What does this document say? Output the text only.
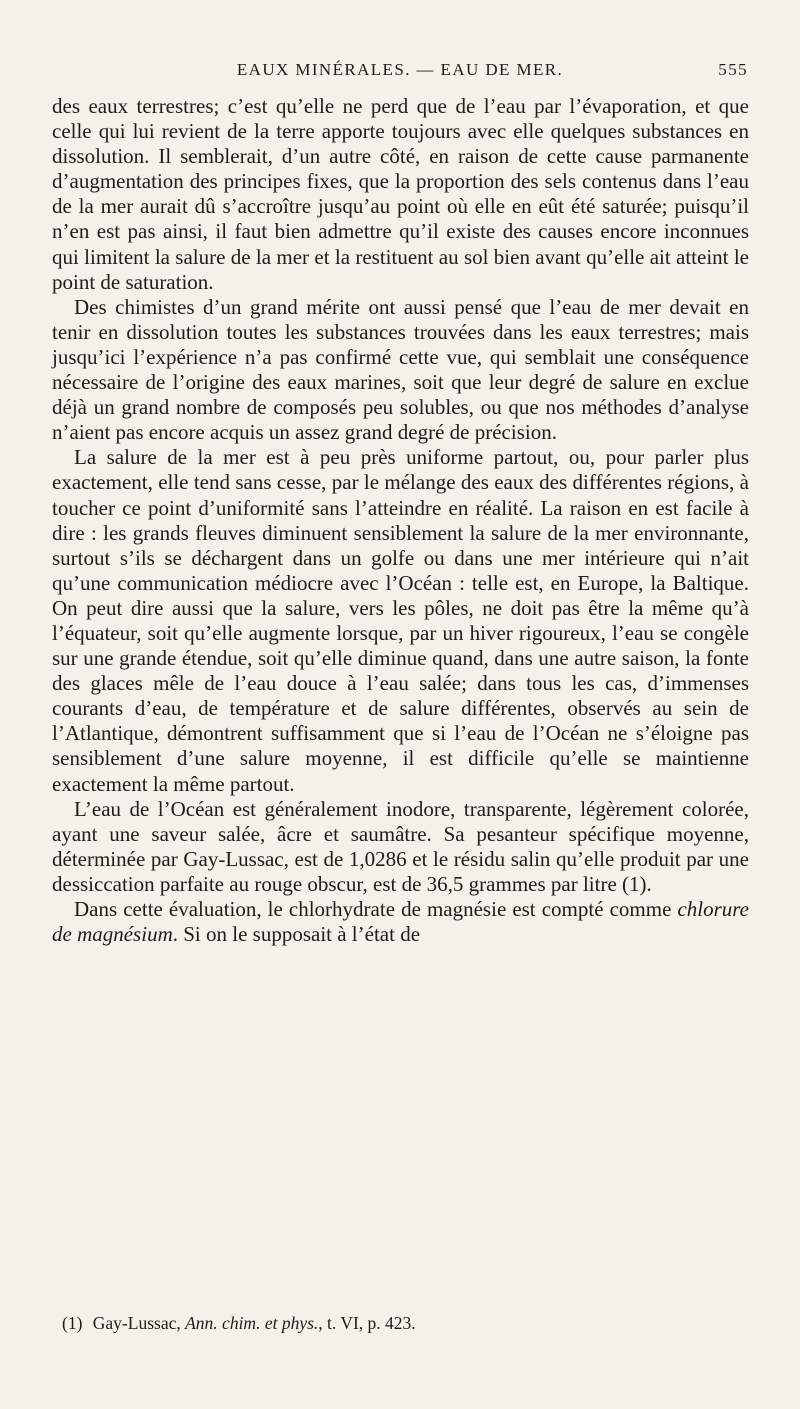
EAUX MINÉRALES. — EAU DE MER.	555

des eaux terrestres; c’est qu’elle ne perd que de l’eau par l’évaporation, et que celle qui lui revient de la terre apporte toujours avec elle quelques substances en dissolution. Il semblerait, d’un autre côté, en raison de cette cause parmanente d’augmentation des principes fixes, que la proportion des sels contenus dans l’eau de la mer aurait dû s’accroître jusqu’au point où elle en eût été saturée; puisqu’il n’en est pas ainsi, il faut bien admettre qu’il existe des causes encore inconnues qui limitent la salure de la mer et la restituent au sol bien avant qu’elle ait atteint le point de saturation.

Des chimistes d’un grand mérite ont aussi pensé que l’eau de mer devait en tenir en dissolution toutes les substances trouvées dans les eaux terrestres; mais jusqu’ici l’expérience n’a pas confirmé cette vue, qui semblait une conséquence nécessaire de l’origine des eaux marines, soit que leur degré de salure en exclue déjà un grand nombre de composés peu solubles, ou que nos méthodes d’analyse n’aient pas encore acquis un assez grand degré de précision.

La salure de la mer est à peu près uniforme partout, ou, pour parler plus exactement, elle tend sans cesse, par le mélange des eaux des différentes régions, à toucher ce point d’uniformité sans l’atteindre en réalité. La raison en est facile à dire : les grands fleuves diminuent sensiblement la salure de la mer environnante, surtout s’ils se déchargent dans un golfe ou dans une mer intérieure qui n’ait qu’une communication médiocre avec l’Océan : telle est, en Europe, la Baltique. On peut dire aussi que la salure, vers les pôles, ne doit pas être la même qu’à l’équateur, soit qu’elle augmente lorsque, par un hiver rigoureux, l’eau se congèle sur une grande étendue, soit qu’elle diminue quand, dans une autre saison, la fonte des glaces mêle de l’eau douce à l’eau salée; dans tous les cas, d’immenses courants d’eau, de température et de salure différentes, observés au sein de l’Atlantique, démontrent suffisamment que si l’eau de l’Océan ne s’éloigne pas sensiblement d’une salure moyenne, il est difficile qu’elle se maintienne exactement la même partout.

L’eau de l’Océan est généralement inodore, transparente, légèrement colorée, ayant une saveur salée, âcre et saumâtre. Sa pesanteur spécifique moyenne, déterminée par Gay-Lussac, est de 1,0286 et le résidu salin qu’elle produit par une dessiccation parfaite au rouge obscur, est de 36,5 grammes par litre (1).

Dans cette évaluation, le chlorhydrate de magnésie est compté comme chlorure de magnésium. Si on le supposait à l’état de

(1) Gay-Lussac, Ann. chim. et phys., t. VI, p. 423.
